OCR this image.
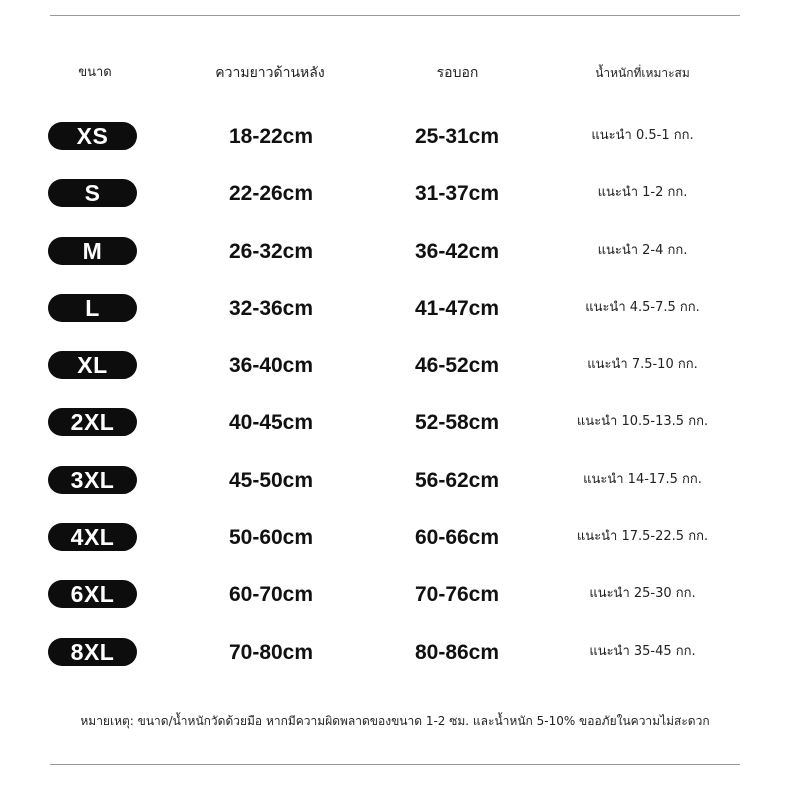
ขนาด	ความยาวด้านหลัง	รอบอก	น้ำหนักที่เหมาะสม
XS	18-22cm	25-31cm	แนะนำ 0.5-1 กก.
S	22-26cm	31-37cm	แนะนำ 1-2 กก.
M	26-32cm	36-42cm	แนะนำ 2-4 กก.
L	32-36cm	41-47cm	แนะนำ 4.5-7.5 กก.
XL	36-40cm	46-52cm	แนะนำ 7.5-10 กก.
2XL	40-45cm	52-58cm	แนะนำ 10.5-13.5 กก.
3XL	45-50cm	56-62cm	แนะนำ 14-17.5 กก.
4XL	50-60cm	60-66cm	แนะนำ 17.5-22.5 กก.
6XL	60-70cm	70-76cm	แนะนำ 25-30 กก.
8XL	70-80cm	80-86cm	แนะนำ 35-45 กก.
หมายเหตุ: ขนาด/น้ำหนักวัดด้วยมือ หากมีความผิดพลาดของขนาด 1-2 ซม. และน้ำหนัก 5-10% ขออภัยในความไม่สะดวก
